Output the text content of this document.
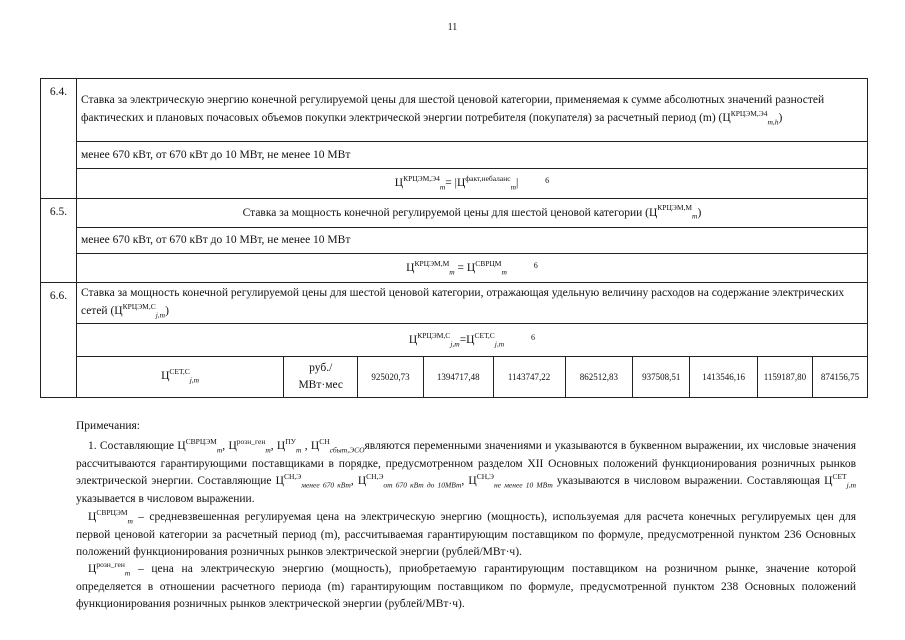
11
6.4.	Ставка за электрическую энергию конечной регулируемой цены для шестой ценовой категории, применяемая к сумме абсолютных значений разностей фактических и плановых почасовых объемов покупки электрической энергии потребителя (покупателя) за расчетный период (m) $(Ц^{КРЦЭМ,Э4}_{m,h})$									
	менее 670 кВт, от 670 кВт до 10 МВт, не менее 10 МВт									
	$Ц^{КРЦЭМ,Э4}_m= |Ц^{факт,небаланс}_m|$ $^6$
6.5.	Ставка за мощность конечной регулируемой цены для шестой ценовой категории $(Ц^{КРЦЭМ,М}_m)$									
	менее 670 кВт, от 670 кВт до 10 МВт, не менее 10 МВт									
	$Ц^{КРЦЭМ,М}_m = Ц^{СВРЦМ}_m$ $^6$
6.6.	Ставка за мощность конечной регулируемой цены для шестой ценовой категории, отражающая удельную величину расходов на содержание электрических сетей $(Ц^{КРЦЭМ,С}_{j,m})$									
	$Ц^{КРЦЭМ,С}_{j,m}=Ц^{СЕТ,С}_{j,m}$ $^6$
	$Ц^{СЕТ,С}_{j,m}$	руб./ МВт·мес	925020,73	1394717,48	1143747,22	862512,83	937508,51	1413546,16	1159187,80	874156,75

Примечания:

1. Составляющие $Ц^{СВРЦЭМ}_m$, $Ц^{розн\_ген}_m$, $Ц^{ПУ}_m$ , $Ц^{СН}_{сбыт,ЭСО}являются$ переменными значениями и указываются в буквенном выражении, их числовые значения рассчитываются гарантирующими поставщиками в порядке, предусмотренном разделом XII Основных положений функционирования розничных рынков электрической энергии. Составляющие $Ц^{СН,Э}_{менее 670 кВт}$, $Ц^{СН,Э}_{от 670 кВт до 10МВт}$, $Ц^{СН,Э}_{не менее 10 МВт}$ указываются в числовом выражении. Составляющая $Ц^{СЕТ}_{j,m}$ указывается в числовом выражении.

$Ц^{СВРЦЭМ}_m$ – средневзвешенная регулируемая цена на электрическую энергию (мощность), используемая для расчета конечных регулируемых цен для первой ценовой категории за расчетный период (m), рассчитываемая гарантирующим поставщиком по формуле, предусмотренной пунктом 236 Основных положений функционирования розничных рынков электрической энергии (рублей/МВт·ч).

$Ц^{розн\_ген}_m$ – цена на электрическую энергию (мощность), приобретаемую гарантирующим поставщиком на розничном рынке, значение которой определяется в отношении расчетного периода (m) гарантирующим поставщиком по формуле, предусмотренной пунктом 238 Основных положений функционирования розничных рынков электрической энергии (рублей/МВт·ч).
